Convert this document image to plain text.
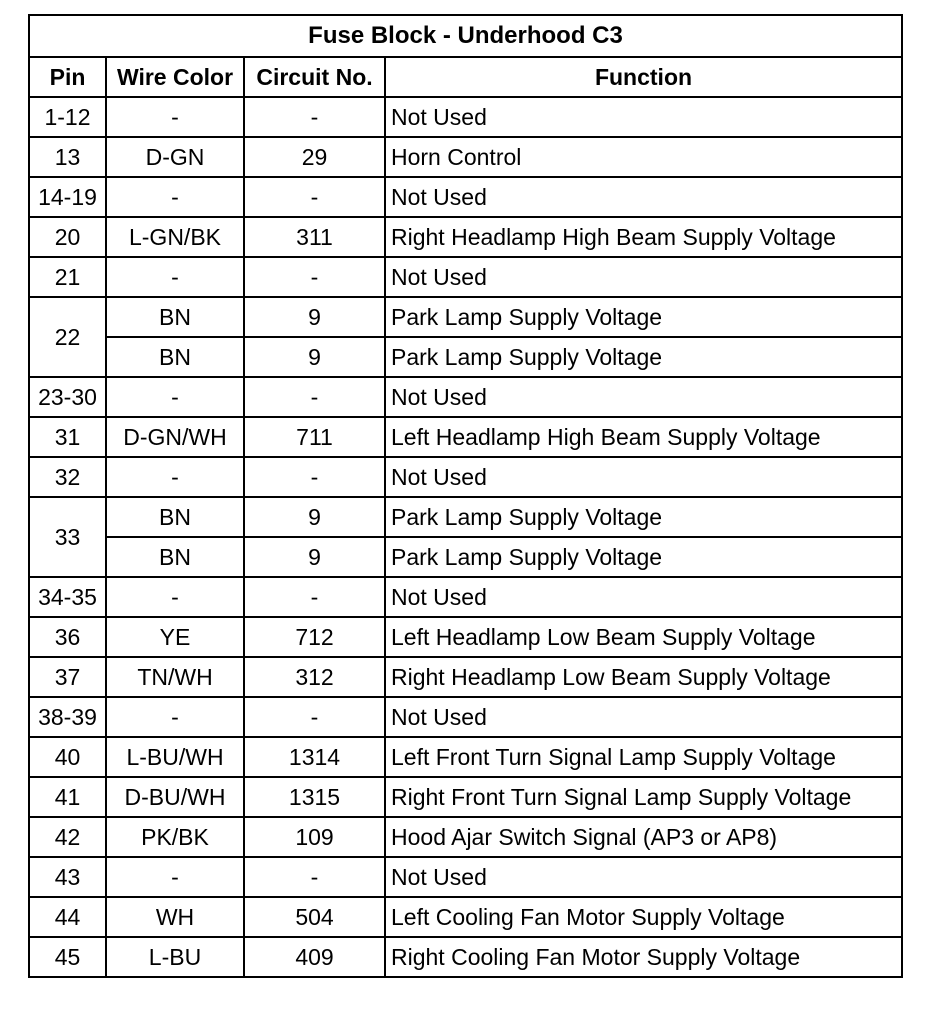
Fuse Block - Underhood C3			
Pin	Wire Color	Circuit No.	Function
1-12	-	-	Not Used
13	D-GN	29	Horn Control
14-19	-	-	Not Used
20	L-GN/BK	311	Right Headlamp High Beam Supply Voltage
21	-	-	Not Used
22	BN	9	Park Lamp Supply Voltage
	BN	9	Park Lamp Supply Voltage
23-30	-	-	Not Used
31	D-GN/WH	711	Left Headlamp High Beam Supply Voltage
32	-	-	Not Used
33	BN	9	Park Lamp Supply Voltage
	BN	9	Park Lamp Supply Voltage
34-35	-	-	Not Used
36	YE	712	Left Headlamp Low Beam Supply Voltage
37	TN/WH	312	Right Headlamp Low Beam Supply Voltage
38-39	-	-	Not Used
40	L-BU/WH	1314	Left Front Turn Signal Lamp Supply Voltage
41	D-BU/WH	1315	Right Front Turn Signal Lamp Supply Voltage
42	PK/BK	109	Hood Ajar Switch Signal (AP3 or AP8)
43	-	-	Not Used
44	WH	504	Left Cooling Fan Motor Supply Voltage
45	L-BU	409	Right Cooling Fan Motor Supply Voltage
